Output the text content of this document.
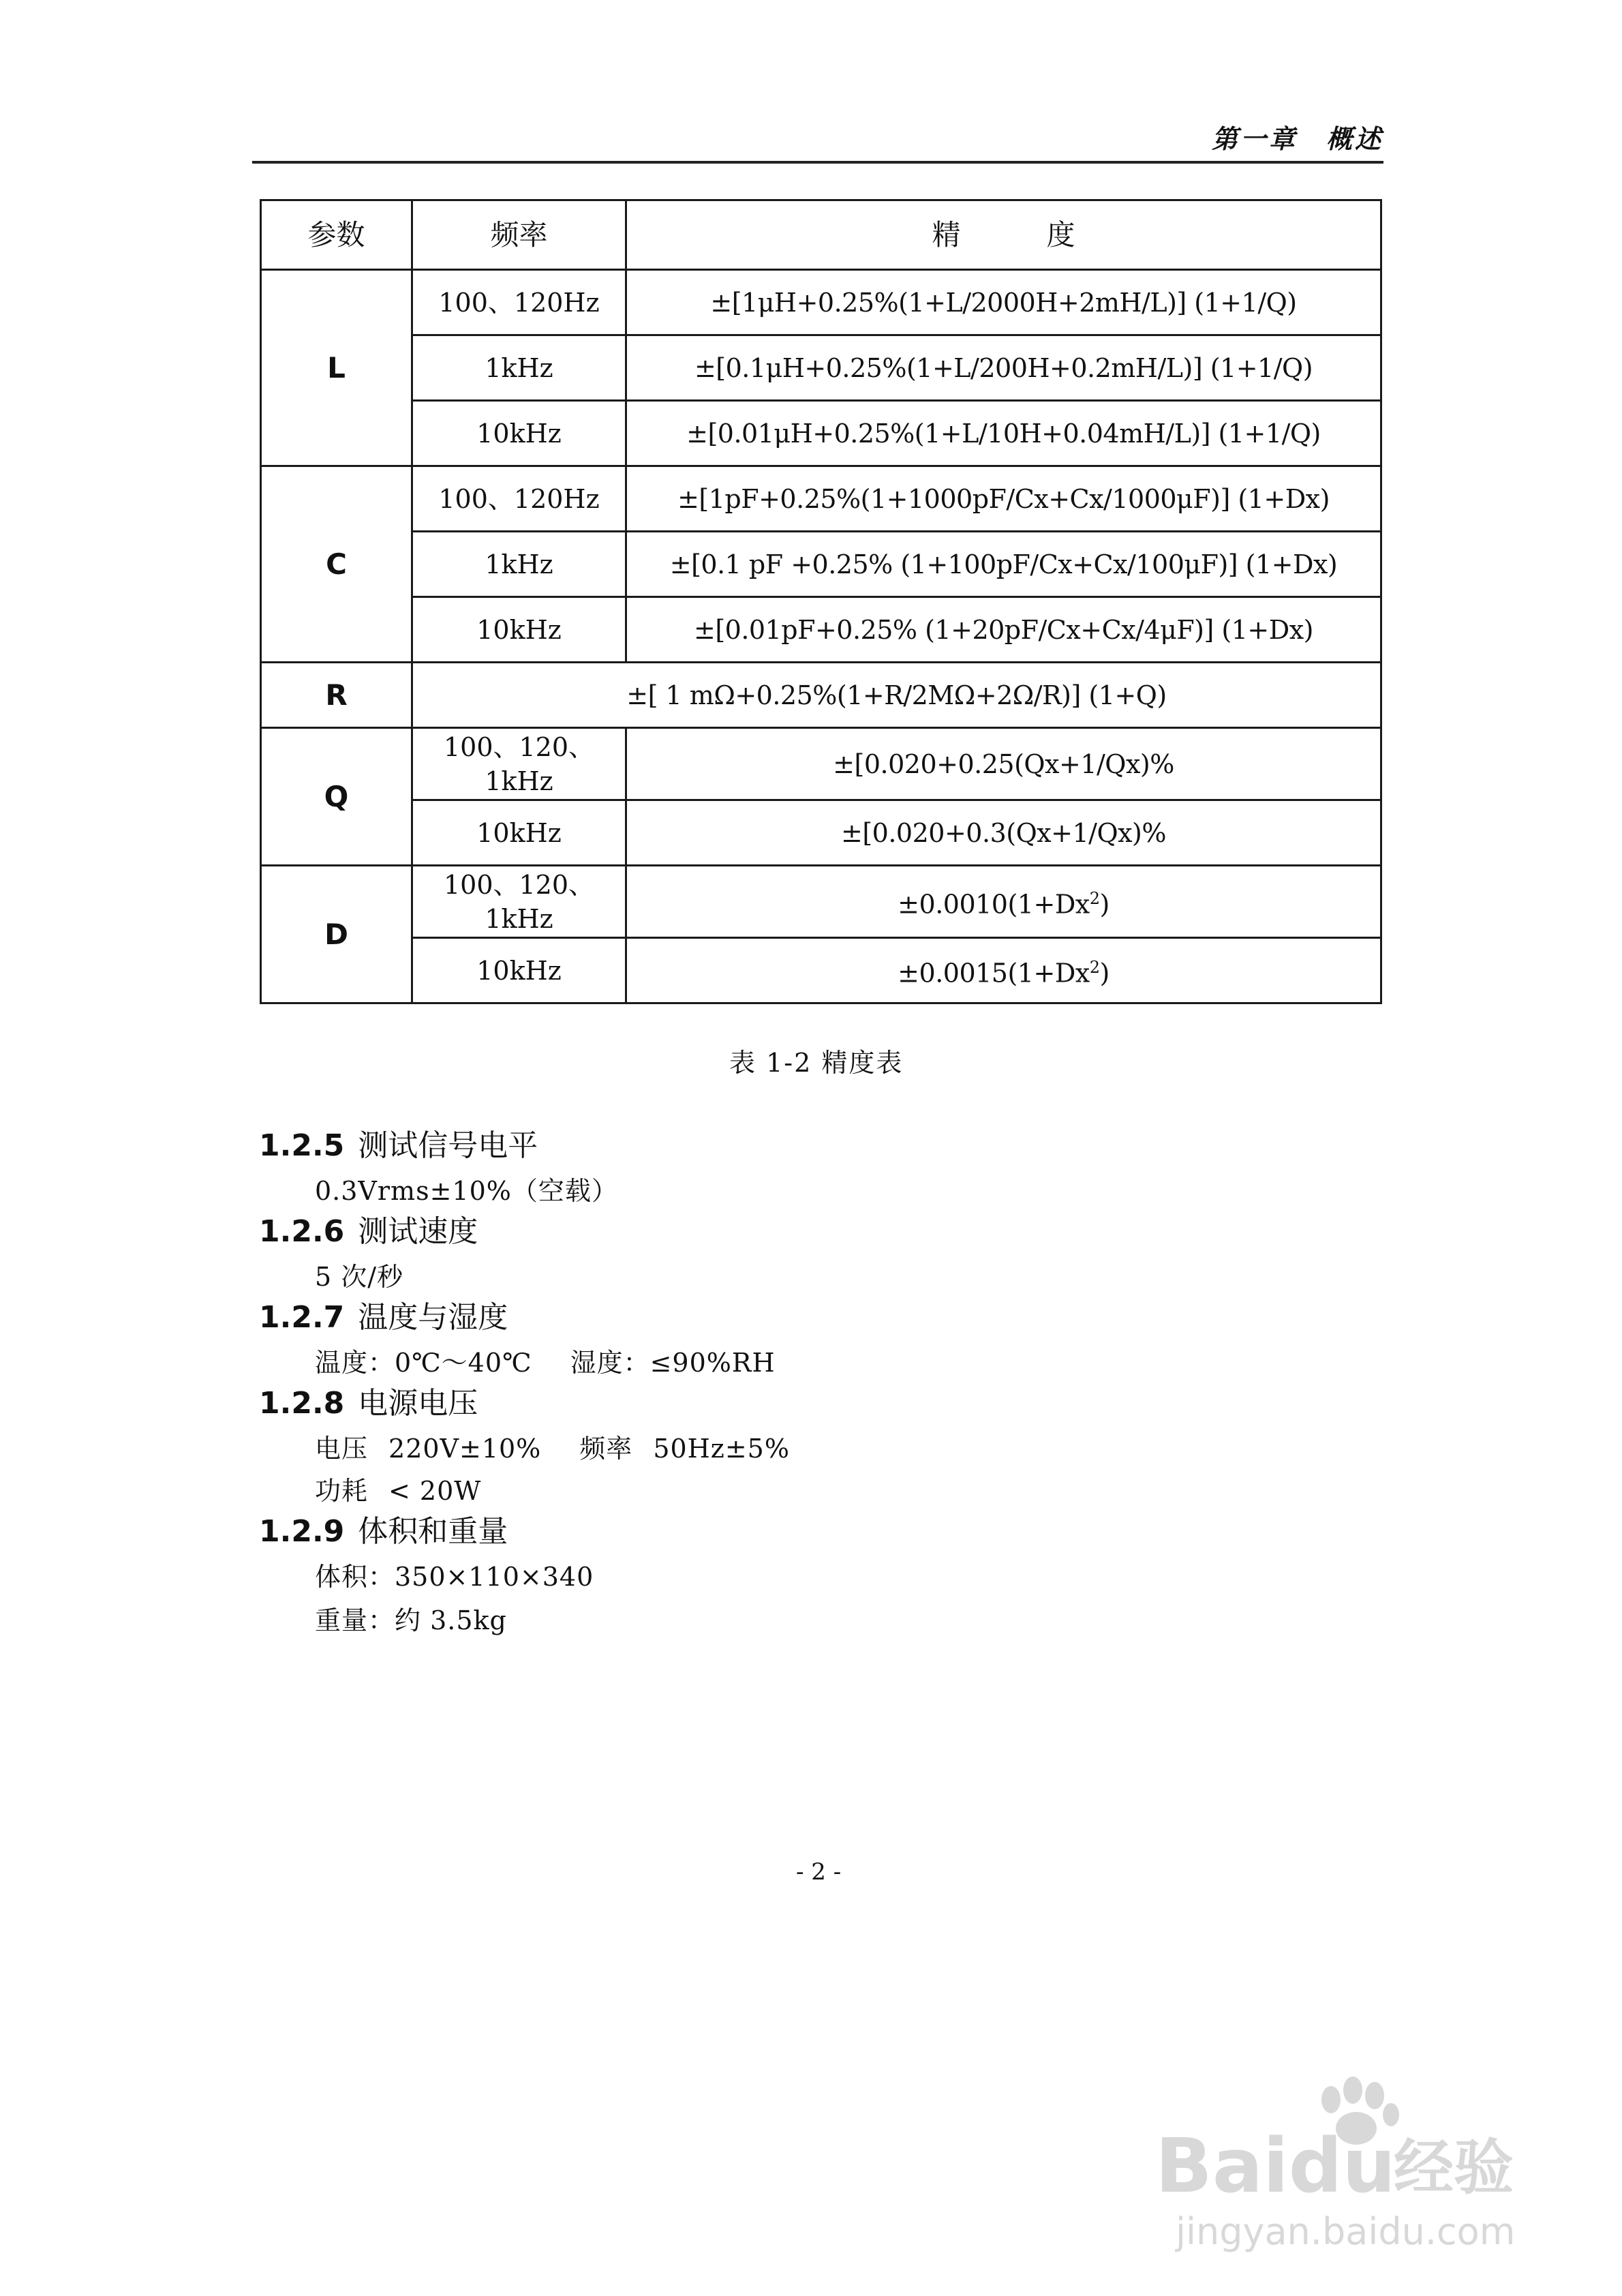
第一章　概述
参数	频率	精　　　度
L	100、120Hz	±[1μH+0.25%(1+L/2000H+2mH/L)] (1+1/Q)
	1kHz	±[0.1μH+0.25%(1+L/200H+0.2mH/L)] (1+1/Q)
	10kHz	±[0.01μH+0.25%(1+L/10H+0.04mH/L)] (1+1/Q)
C	100、120Hz	±[1pF+0.25%(1+1000pF/Cx+Cx/1000μF)] (1+Dx)
	1kHz	±[0.1 pF +0.25% (1+100pF/Cx+Cx/100μF)] (1+Dx)
	10kHz	±[0.01pF+0.25% (1+20pF/Cx+Cx/4μF)] (1+Dx)
R	±[ 1 mΩ+0.25%(1+R/2MΩ+2Ω/R)] (1+Q)	
Q	100、120、1kHz	±[0.020+0.25(Qx+1/Qx)%
	10kHz	±[0.020+0.3(Qx+1/Qx)%
D	100、120、1kHz	$\pm 0.0010(1+Dx^2)$
	10kHz	$\pm 0.0015(1+Dx^2)$
表 1-2 精度表
1.2.5 测试信号电平
0.3Vrms±10%（空载）
1.2.6 测试速度
5 次/秒
1.2.7 温度与湿度
温度：0℃～40℃ 湿度：≤90%RH
1.2.8 电源电压
电压 220V±10% 频率 50Hz±5%
功耗 < 20W
1.2.9 体积和重量
体积：350×110×340
重量：约 3.5kg
- 2 -
Baidu
经验
jingyan.baidu.com
